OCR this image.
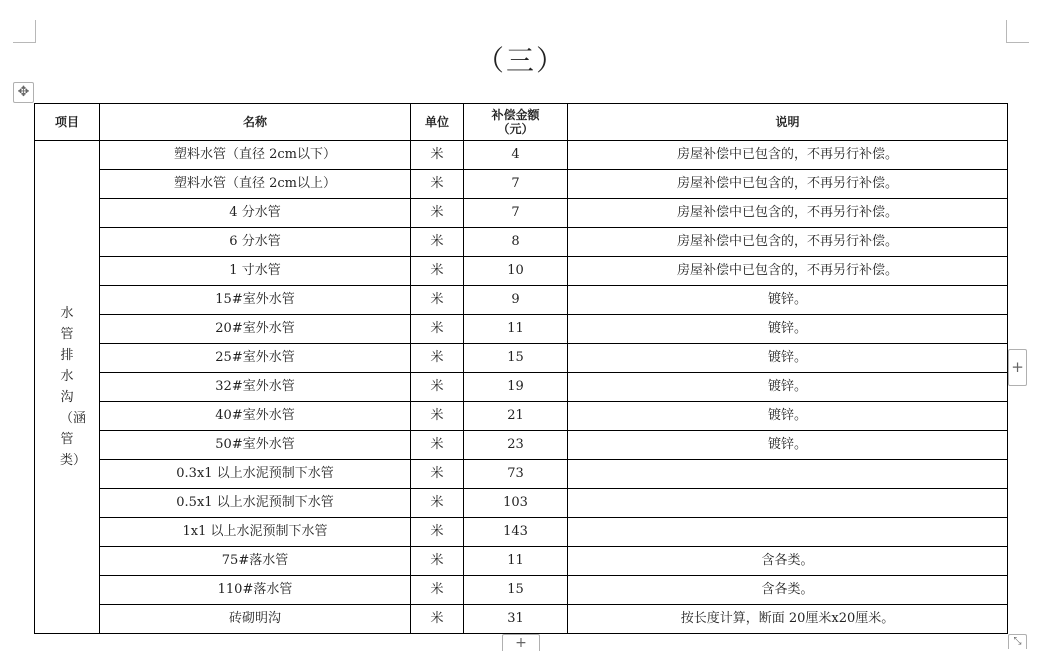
（三）
✥
项目	名称	单位	补偿金额（元）	说明

水管排水沟（涵管类）	塑料水管（直径 2cm以下）	米	4	房屋补偿中已包含的，不再另行补偿。
	塑料水管（直径 2cm以上）	米	7	房屋补偿中已包含的，不再另行补偿。
	4 分水管	米	7	房屋补偿中已包含的，不再另行补偿。
	6 分水管	米	8	房屋补偿中已包含的，不再另行补偿。
	1 寸水管	米	10	房屋补偿中已包含的，不再另行补偿。
	15#室外水管	米	9	镀锌。
	20#室外水管	米	11	镀锌。
	25#室外水管	米	15	镀锌。
	32#室外水管	米	19	镀锌。
	40#室外水管	米	21	镀锌。
	50#室外水管	米	23	镀锌。
	0.3x1 以上水泥预制下水管	米	73	
	0.5x1 以上水泥预制下水管	米	103	
	1x1 以上水泥预制下水管	米	143	
	75#落水管	米	11	含各类。
	110#落水管	米	15	含各类。
	砖砌明沟	米	31	按长度计算，断面 20厘米x20厘米。
+
+	⤡
